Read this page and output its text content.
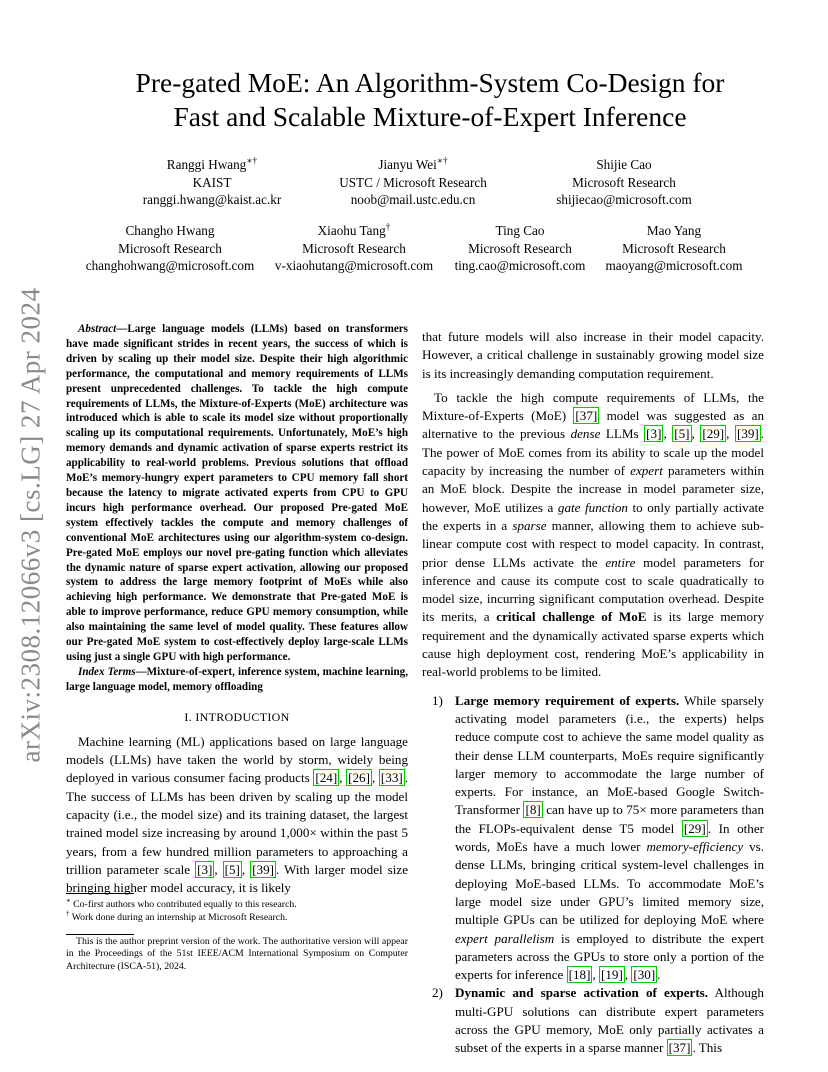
arXiv:2308.12066v3 [cs.LG] 27 Apr 2024
Pre-gated MoE: An Algorithm-System Co-Design for
Fast and Scalable Mixture-of-Expert Inference
Ranggi Hwang∗†
KAIST
ranggi.hwang@kaist.ac.kr
Jianyu Wei∗†
USTC / Microsoft Research
noob@mail.ustc.edu.cn
Shijie Cao
Microsoft Research
shijiecao@microsoft.com
Changho Hwang
Microsoft Research
changhohwang@microsoft.com
Xiaohu Tang†
Microsoft Research
v-xiaohutang@microsoft.com
Ting Cao
Microsoft Research
ting.cao@microsoft.com
Mao Yang
Microsoft Research
maoyang@microsoft.com

Abstract—Large language models (LLMs) based on transformers have made significant strides in recent years, the success of which is driven by scaling up their model size. Despite their high algorithmic performance, the computational and memory requirements of LLMs present unprecedented challenges. To tackle the high compute requirements of LLMs, the Mixture-of-Experts (MoE) architecture was introduced which is able to scale its model size without proportionally scaling up its computational requirements. Unfortunately, MoE’s high memory demands and dynamic activation of sparse experts restrict its applicability to real-world problems. Previous solutions that offload MoE’s memory-hungry expert parameters to CPU memory fall short because the latency to migrate activated experts from CPU to GPU incurs high performance overhead. Our proposed Pre-gated MoE system effectively tackles the compute and memory challenges of conventional MoE architectures using our algorithm-system co-design. Pre-gated MoE employs our novel pre-gating function which alleviates the dynamic nature of sparse expert activation, allowing our proposed system to address the large memory footprint of MoEs while also achieving high performance. We demonstrate that Pre-gated MoE is able to improve performance, reduce GPU memory consumption, while also maintaining the same level of model quality. These features allow our Pre-gated MoE system to cost-effectively deploy large-scale LLMs using just a single GPU with high performance.

Index Terms—Mixture-of-expert, inference system, machine learning, large language model, memory offloading

I. INTRODUCTION

Machine learning (ML) applications based on large language models (LLMs) have taken the world by storm, widely being deployed in various consumer facing products [24] , [26] , [33] . The success of LLMs has been driven by scaling up the model capacity (i.e., the model size) and its training dataset, the largest trained model size increasing by around 1,000× within the past 5 years, from a few hundred million parameters to approaching a trillion parameter scale [3] , [5] , [39] . With larger model size bringing higher model accuracy, it is likely

∗ Co-first authors who contributed equally to this research.
† Work done during an internship at Microsoft Research.
This is the author preprint version of the work. The authoritative version will appear in the Proceedings of the 51st IEEE/ACM International Symposium on Computer Architecture (ISCA-51), 2024.

that future models will also increase in their model capacity. However, a critical challenge in sustainably growing model size is its increasingly demanding computation requirement.

To tackle the high compute requirements of LLMs, the Mixture-of-Experts (MoE) [37] model was suggested as an alternative to the previous dense LLMs [3] , [5] , [29] , [39] . The power of MoE comes from its ability to scale up the model capacity by increasing the number of expert parameters within an MoE block. Despite the increase in model parameter size, however, MoE utilizes a gate function to only partially activate the experts in a sparse manner, allowing them to achieve sub-linear compute cost with respect to model capacity. In contrast, prior dense LLMs activate the entire model parameters for inference and cause its compute cost to scale quadratically to model size, incurring significant computation overhead. Despite its merits, a critical challenge of MoE is its large memory requirement and the dynamically activated sparse experts which cause high deployment cost, rendering MoE’s applicability in real-world problems to be limited.

1) Large memory requirement of experts. While sparsely activating model parameters (i.e., the experts) helps reduce compute cost to achieve the same model quality as their dense LLM counterparts, MoEs require significantly larger memory to accommodate the large number of experts. For instance, an MoE-based Google Switch-Transformer [8] can have up to 75× more parameters than the FLOPs-equivalent dense T5 model [29] . In other words, MoEs have a much lower memory-efficiency vs. dense LLMs, bringing critical system-level challenges in deploying MoE-based LLMs. To accommodate MoE’s large model size under GPU’s limited memory size, multiple GPUs can be utilized for deploying MoE where expert parallelism is employed to distribute the expert parameters across the GPUs to store only a portion of the experts for inference [18] , [19] , [30] .
2) Dynamic and sparse activation of experts. Although multi-GPU solutions can distribute expert parameters across the GPU memory, MoE only partially activates a subset of the experts in a sparse manner [37] . This
